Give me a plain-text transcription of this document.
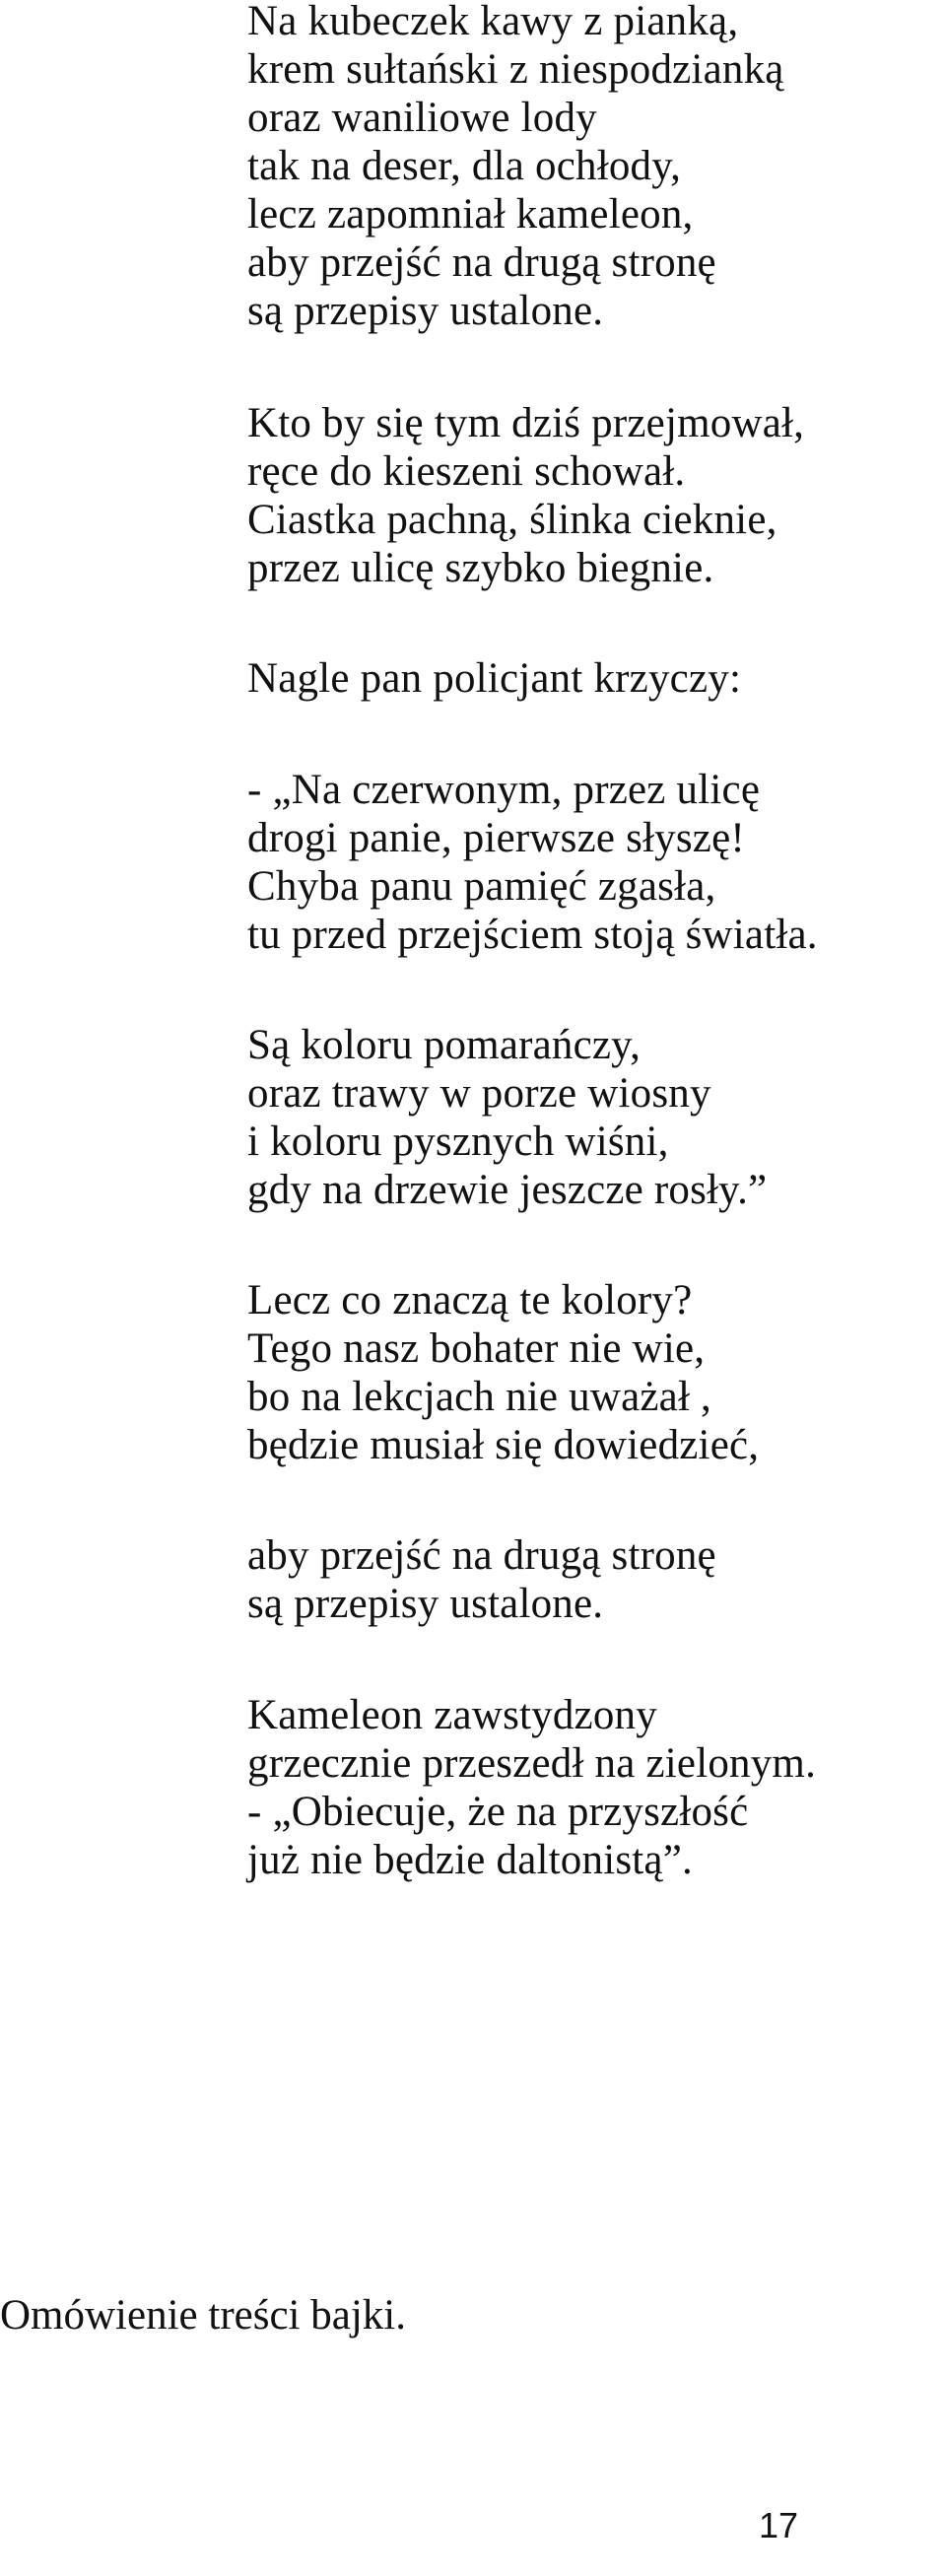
Na kubeczek kawy z pianką,
krem sułtański z niespodzianką
oraz waniliowe lody
tak na deser, dla ochłody,
lecz zapomniał kameleon,
aby przejść na drugą stronę
są przepisy ustalone.
Kto by się tym dziś przejmował,
ręce do kieszeni schował.
Ciastka pachną, ślinka cieknie,
przez ulicę szybko biegnie.
Nagle pan policjant krzyczy:
- „Na czerwonym, przez ulicę
drogi panie, pierwsze słyszę!
Chyba panu pamięć zgasła,
tu przed przejściem stoją światła.
Są koloru pomarańczy,
oraz trawy w porze wiosny
i koloru pysznych wiśni,
gdy na drzewie jeszcze rosły.”
Lecz co znaczą te kolory?
Tego nasz bohater nie wie,
bo na lekcjach nie uważał ,
będzie musiał się dowiedzieć,
aby przejść na drugą stronę
są przepisy ustalone.
Kameleon zawstydzony
grzecznie przeszedł na zielonym.
- „Obiecuje, że na przyszłość
już nie będzie daltonistą”.
Omówienie treści bajki.
17
